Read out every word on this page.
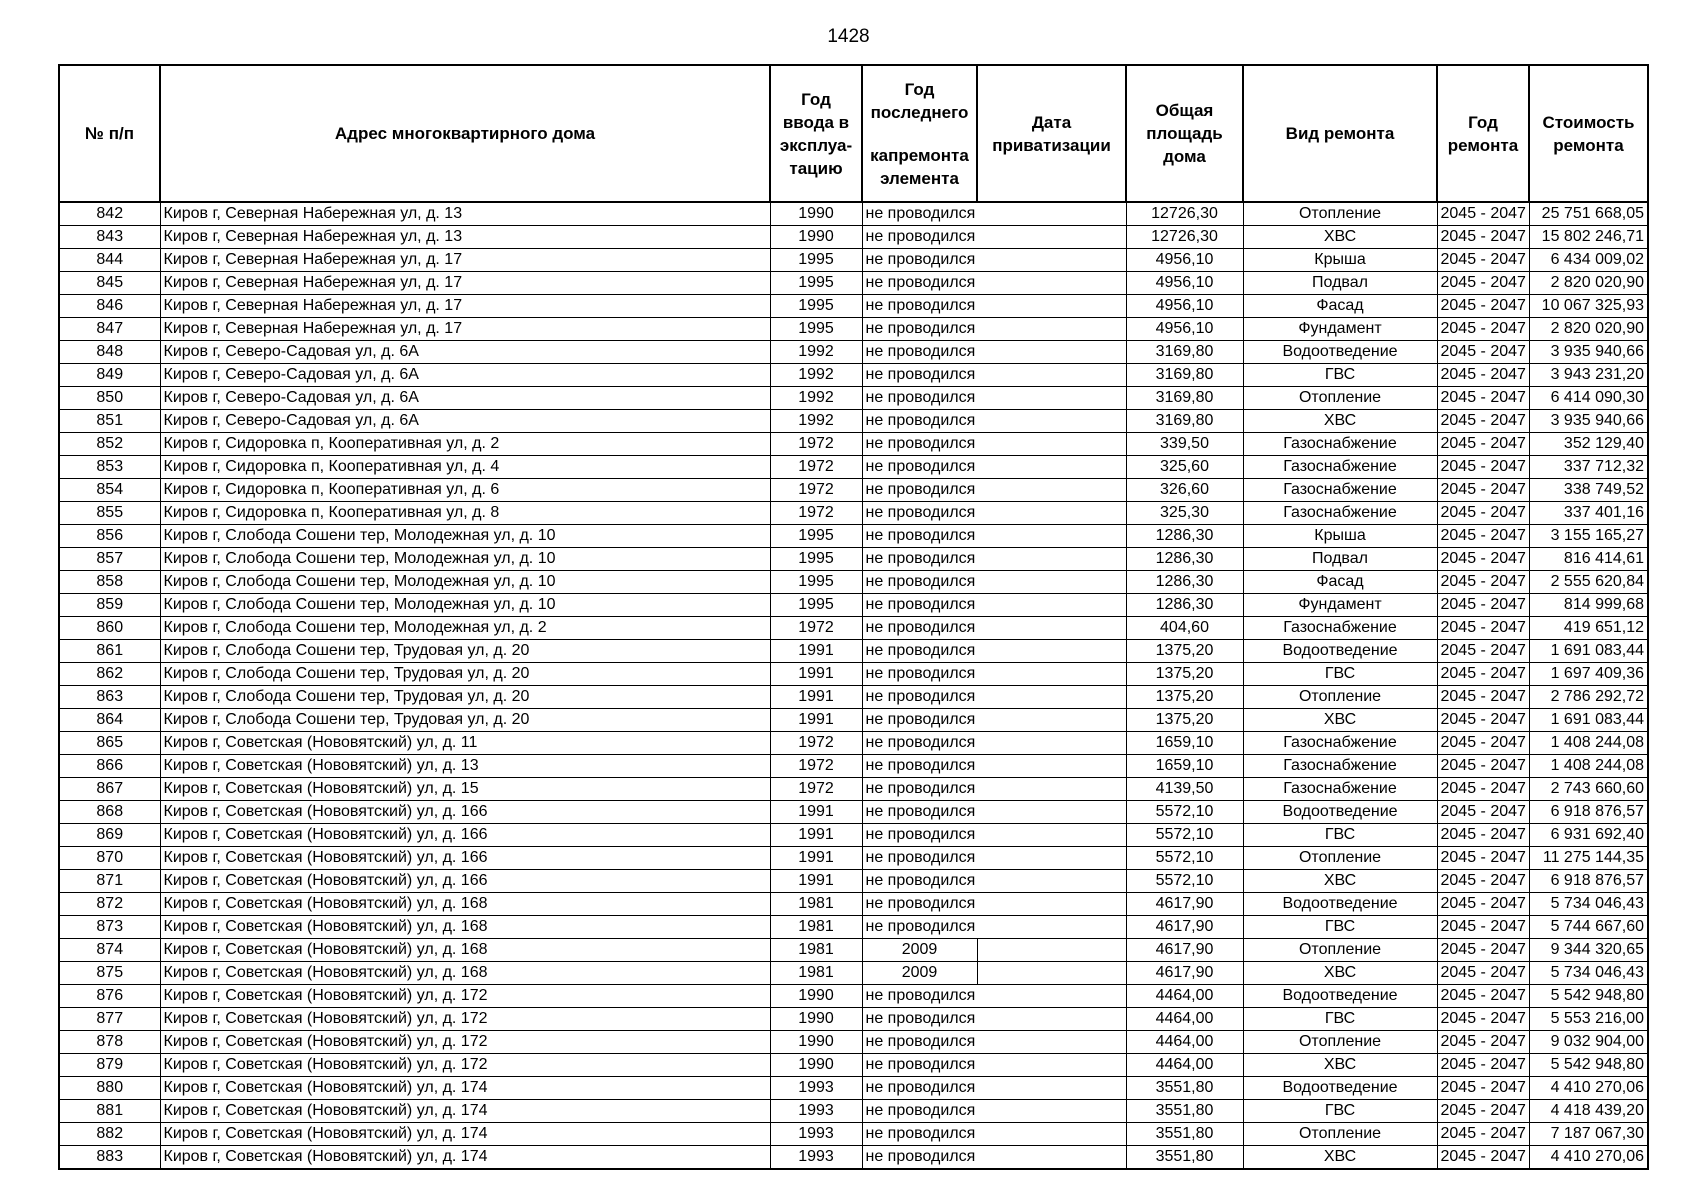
1428
№ п/п	Адрес многоквартирного дома	Год ввода в эксплуа-тацию	Год последнего
капремонта элемента	Дата приватизации	Общая площадь дома	Вид ремонта	Год ремонта	Стоимость ремонта
842	Киров г, Северная Набережная ул, д. 13	1990	не проводился		12726,30	Отопление	2045 - 2047	25 751 668,05
843	Киров г, Северная Набережная ул, д. 13	1990	не проводился		12726,30	ХВС	2045 - 2047	15 802 246,71
844	Киров г, Северная Набережная ул, д. 17	1995	не проводился		4956,10	Крыша	2045 - 2047	6 434 009,02
845	Киров г, Северная Набережная ул, д. 17	1995	не проводился		4956,10	Подвал	2045 - 2047	2 820 020,90
846	Киров г, Северная Набережная ул, д. 17	1995	не проводился		4956,10	Фасад	2045 - 2047	10 067 325,93
847	Киров г, Северная Набережная ул, д. 17	1995	не проводился		4956,10	Фундамент	2045 - 2047	2 820 020,90
848	Киров г, Северо-Садовая ул, д. 6А	1992	не проводился		3169,80	Водоотведение	2045 - 2047	3 935 940,66
849	Киров г, Северо-Садовая ул, д. 6А	1992	не проводился		3169,80	ГВС	2045 - 2047	3 943 231,20
850	Киров г, Северо-Садовая ул, д. 6А	1992	не проводился		3169,80	Отопление	2045 - 2047	6 414 090,30
851	Киров г, Северо-Садовая ул, д. 6А	1992	не проводился		3169,80	ХВС	2045 - 2047	3 935 940,66
852	Киров г, Сидоровка п, Кооперативная ул, д. 2	1972	не проводился		339,50	Газоснабжение	2045 - 2047	352 129,40
853	Киров г, Сидоровка п, Кооперативная ул, д. 4	1972	не проводился		325,60	Газоснабжение	2045 - 2047	337 712,32
854	Киров г, Сидоровка п, Кооперативная ул, д. 6	1972	не проводился		326,60	Газоснабжение	2045 - 2047	338 749,52
855	Киров г, Сидоровка п, Кооперативная ул, д. 8	1972	не проводился		325,30	Газоснабжение	2045 - 2047	337 401,16
856	Киров г, Слобода Сошени тер, Молодежная ул, д. 10	1995	не проводился		1286,30	Крыша	2045 - 2047	3 155 165,27
857	Киров г, Слобода Сошени тер, Молодежная ул, д. 10	1995	не проводился		1286,30	Подвал	2045 - 2047	816 414,61
858	Киров г, Слобода Сошени тер, Молодежная ул, д. 10	1995	не проводился		1286,30	Фасад	2045 - 2047	2 555 620,84
859	Киров г, Слобода Сошени тер, Молодежная ул, д. 10	1995	не проводился		1286,30	Фундамент	2045 - 2047	814 999,68
860	Киров г, Слобода Сошени тер, Молодежная ул, д. 2	1972	не проводился		404,60	Газоснабжение	2045 - 2047	419 651,12
861	Киров г, Слобода Сошени тер, Трудовая ул, д. 20	1991	не проводился		1375,20	Водоотведение	2045 - 2047	1 691 083,44
862	Киров г, Слобода Сошени тер, Трудовая ул, д. 20	1991	не проводился		1375,20	ГВС	2045 - 2047	1 697 409,36
863	Киров г, Слобода Сошени тер, Трудовая ул, д. 20	1991	не проводился		1375,20	Отопление	2045 - 2047	2 786 292,72
864	Киров г, Слобода Сошени тер, Трудовая ул, д. 20	1991	не проводился		1375,20	ХВС	2045 - 2047	1 691 083,44
865	Киров г, Советская (Нововятский) ул, д. 11	1972	не проводился		1659,10	Газоснабжение	2045 - 2047	1 408 244,08
866	Киров г, Советская (Нововятский) ул, д. 13	1972	не проводился		1659,10	Газоснабжение	2045 - 2047	1 408 244,08
867	Киров г, Советская (Нововятский) ул, д. 15	1972	не проводился		4139,50	Газоснабжение	2045 - 2047	2 743 660,60
868	Киров г, Советская (Нововятский) ул, д. 166	1991	не проводился		5572,10	Водоотведение	2045 - 2047	6 918 876,57
869	Киров г, Советская (Нововятский) ул, д. 166	1991	не проводился		5572,10	ГВС	2045 - 2047	6 931 692,40
870	Киров г, Советская (Нововятский) ул, д. 166	1991	не проводился		5572,10	Отопление	2045 - 2047	11 275 144,35
871	Киров г, Советская (Нововятский) ул, д. 166	1991	не проводился		5572,10	ХВС	2045 - 2047	6 918 876,57
872	Киров г, Советская (Нововятский) ул, д. 168	1981	не проводился		4617,90	Водоотведение	2045 - 2047	5 734 046,43
873	Киров г, Советская (Нововятский) ул, д. 168	1981	не проводился		4617,90	ГВС	2045 - 2047	5 744 667,60
874	Киров г, Советская (Нововятский) ул, д. 168	1981	2009		4617,90	Отопление	2045 - 2047	9 344 320,65
875	Киров г, Советская (Нововятский) ул, д. 168	1981	2009		4617,90	ХВС	2045 - 2047	5 734 046,43
876	Киров г, Советская (Нововятский) ул, д. 172	1990	не проводился		4464,00	Водоотведение	2045 - 2047	5 542 948,80
877	Киров г, Советская (Нововятский) ул, д. 172	1990	не проводился		4464,00	ГВС	2045 - 2047	5 553 216,00
878	Киров г, Советская (Нововятский) ул, д. 172	1990	не проводился		4464,00	Отопление	2045 - 2047	9 032 904,00
879	Киров г, Советская (Нововятский) ул, д. 172	1990	не проводился		4464,00	ХВС	2045 - 2047	5 542 948,80
880	Киров г, Советская (Нововятский) ул, д. 174	1993	не проводился		3551,80	Водоотведение	2045 - 2047	4 410 270,06
881	Киров г, Советская (Нововятский) ул, д. 174	1993	не проводился		3551,80	ГВС	2045 - 2047	4 418 439,20
882	Киров г, Советская (Нововятский) ул, д. 174	1993	не проводился		3551,80	Отопление	2045 - 2047	7 187 067,30
883	Киров г, Советская (Нововятский) ул, д. 174	1993	не проводился		3551,80	ХВС	2045 - 2047	4 410 270,06
